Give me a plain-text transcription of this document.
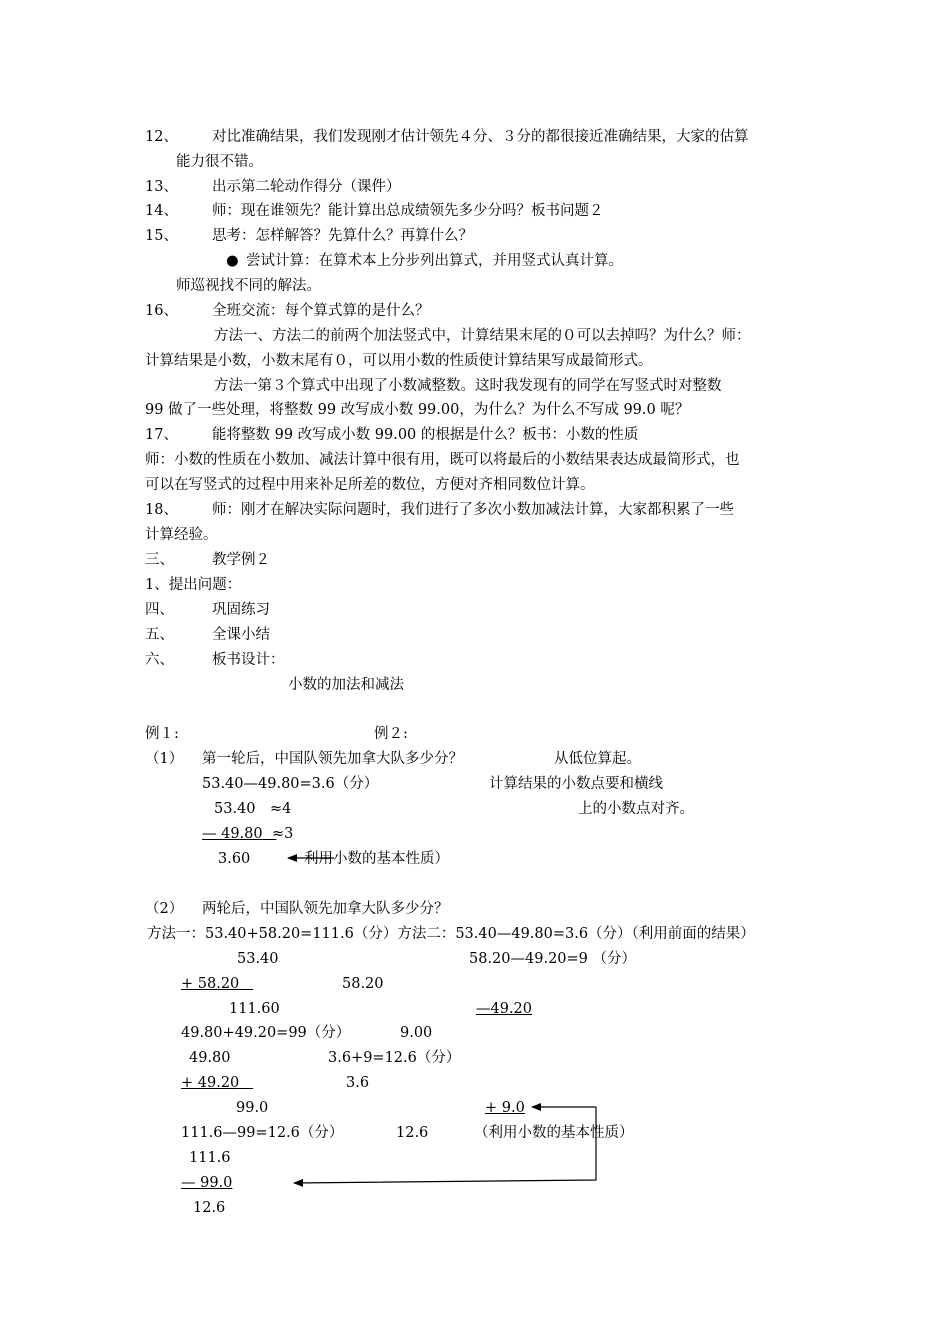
12、 对比准确结果，我们发现刚才估计领先４分、３分的都很接近准确结果，大家的估算
能力很不错。
13、 出示第二轮动作得分（课件）
14、 师：现在谁领先？能计算出总成绩领先多少分吗？板书问题２
15、 思考：怎样解答？先算什么？再算什么？
● 尝试计算：在算术本上分步列出算式，并用竖式认真计算。
师巡视找不同的解法。
16、 全班交流：每个算式算的是什么？
方法一、方法二的前两个加法竖式中，计算结果末尾的０可以去掉吗？为什么？师：
计算结果是小数，小数末尾有０，可以用小数的性质使计算结果写成最简形式。
方法一第３个算式中出现了小数减整数。这时我发现有的同学在写竖式时对整数
99 做了一些处理，将整数 99 改写成小数 99.00，为什么？为什么不写成 99.0 呢？
17、 能将整数 99 改写成小数 99.00 的根据是什么？板书：小数的性质
师：小数的性质在小数加、减法计算中很有用，既可以将最后的小数结果表达成最简形式，也
可以在写竖式的过程中用来补足所差的数位，方便对齐相同数位计算。
18、 师：刚才在解决实际问题时，我们进行了多次小数加减法计算，大家都积累了一些
计算经验。
三、	教学例２
1、提出问题：
四、	巩固练习
五、	全课小结
六、	板书设计：
小数的加法和减法
例１:	例２:
（1） 第一轮后，中国队领先加拿大队多少分？	从低位算起。
53.40—49.80=3.6（分）	计算结果的小数点要和横线
53.40 ≈4	上的小数点对齐。
— 49.80 ≈3
3.60	利用小数的基本性质）
（2） 两轮后，中国队领先加拿大队多少分？
方法一：53.40+58.20=111.6（分）方法二：53.40—49.80=3.6（分）（利用前面的结果）
53.40	58.20—49.20=9 （分）
+ 58.20	58.20
111.60	—49.20
49.80+49.20=99（分）	9.00
49.80	3.6+9=12.6（分）
+ 49.20	3.6
99.0	+ 9.0
111.6—99=12.6（分）	12.6	（利用小数的基本性质）
111.6
— 99.0
12.6
